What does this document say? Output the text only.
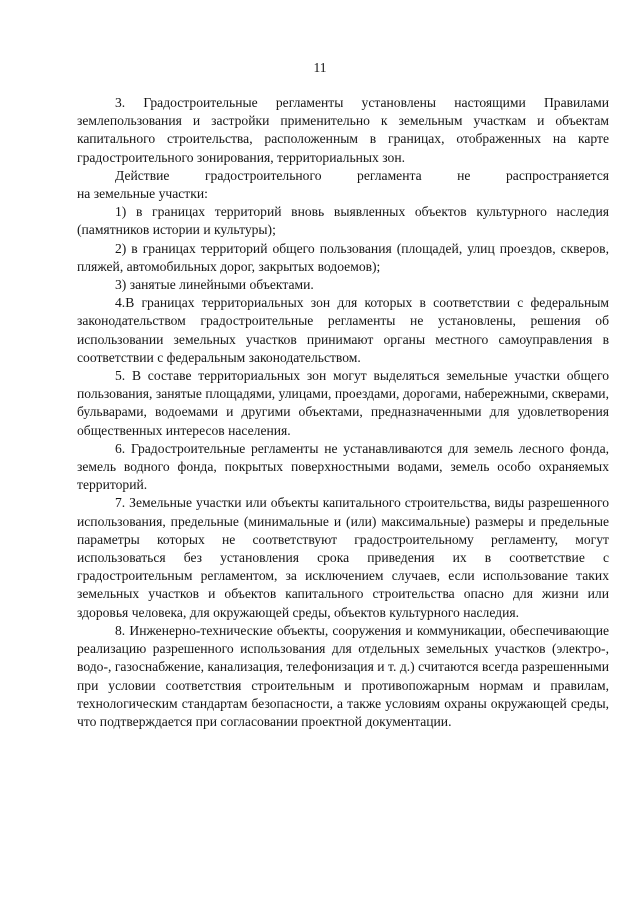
11

3. Градостроительные регламенты установлены настоящими Правилами землепользования и застройки применительно к земельным участкам и объектам капитального строительства, расположенным в границах, отображенных на карте градостроительного зонирования, территориальных зон.

Действие градостроительного регламента не распространяется

на земельные участки:

1) в границах территорий вновь выявленных объектов культурного наследия (памятников истории и культуры);

2) в границах территорий общего пользования (площадей, улиц проездов, скверов, пляжей, автомобильных дорог, закрытых водоемов);

3) занятые линейными объектами.

4.В границах территориальных зон для которых в соответствии с федеральным законодательством градостроительные регламенты не установлены, решения об использовании земельных участков принимают органы местного самоуправления в соответствии с федеральным законодательством.

5. В составе территориальных зон могут выделяться земельные участки общего пользования, занятые площадями, улицами, проездами, дорогами, набережными, скверами, бульварами, водоемами и другими объектами, предназначенными для удовлетворения общественных интересов населения.

6. Градостроительные регламенты не устанавливаются для земель лесного фонда, земель водного фонда, покрытых поверхностными водами, земель особо охраняемых территорий.

7. Земельные участки или объекты капитального строительства, виды разрешенного использования, предельные (минимальные и (или) максимальные) размеры и предельные параметры которых не соответствуют градостроительному регламенту, могут использоваться без установления срока приведения их в соответствие с градостроительным регламентом, за исключением случаев, если использование таких земельных участков и объектов капитального строительства опасно для жизни или здоровья человека, для окружающей среды, объектов культурного наследия.

8. Инженерно-технические объекты, сооружения и коммуникации, обеспечивающие реализацию разрешенного использования для отдельных земельных участков (электро-, водо-, газоснабжение, канализация, телефонизация и т. д.) считаются всегда разрешенными при условии соответствия строительным и противопожарным нормам и правилам, технологическим стандартам безопасности, а также условиям охраны окружающей среды, что подтверждается при согласовании проектной документации.
